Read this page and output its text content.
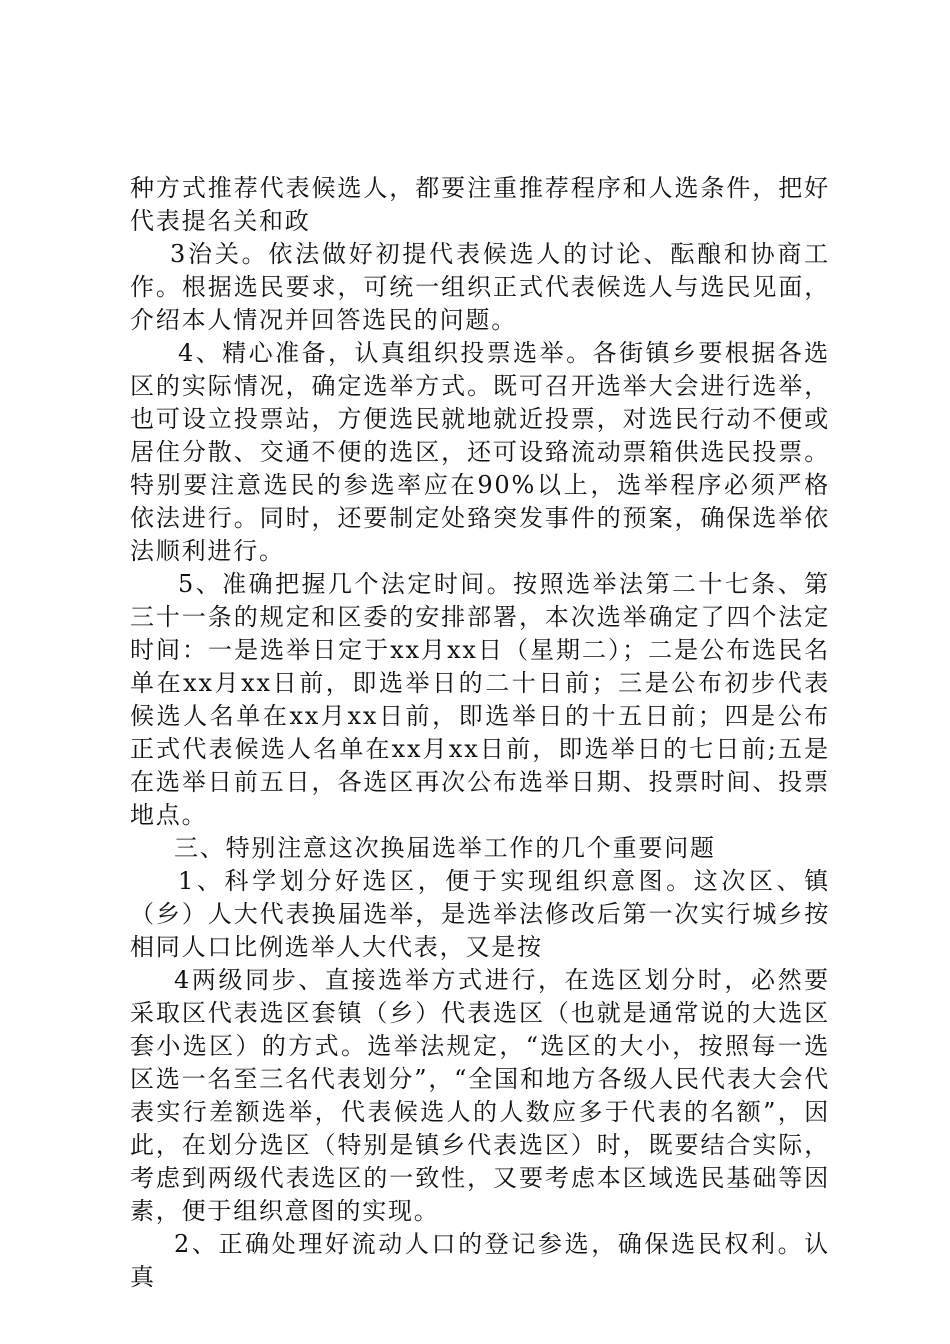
种方式推荐代表候选人，都要注重推荐程序和人选条件，把好代表提名关和政

3治关。依法做好初提代表候选人的讨论、酝酿和协商工作。根据选民要求，可统一组织正式代表候选人与选民见面，介绍本人情况并回答选民的问题。

4、精心准备，认真组织投票选举。各街镇乡要根据各选区的实际情况，确定选举方式。既可召开选举大会进行选举，也可设立投票站，方便选民就地就近投票，对选民行动不便或居住分散、交通不便的选区，还可设臵流动票箱供选民投票。特别要注意选民的参选率应在90%以上，选举程序必须严格依法进行。同时，还要制定处臵突发事件的预案，确保选举依法顺利进行。

5、准确把握几个法定时间。按照选举法第二十七条、第三十一条的规定和区委的安排部署，本次选举确定了四个法定时间：一是选举日定于xx月xx日（星期二）；二是公布选民名单在xx月xx日前，即选举日的二十日前；三是公布初步代表候选人名单在xx月xx日前，即选举日的十五日前；四是公布正式代表候选人名单在xx月xx日前，即选举日的七日前;五是在选举日前五日，各选区再次公布选举日期、投票时间、投票地点。

三、特别注意这次换届选举工作的几个重要问题

1、科学划分好选区，便于实现组织意图。这次区、镇（乡）人大代表换届选举，是选举法修改后第一次实行城乡按相同人口比例选举人大代表，又是按

4两级同步、直接选举方式进行，在选区划分时，必然要采取区代表选区套镇（乡）代表选区（也就是通常说的大选区套小选区）的方式。选举法规定，“选区的大小，按照每一选区选一名至三名代表划分”，“全国和地方各级人民代表大会代表实行差额选举，代表候选人的人数应多于代表的名额”，因此，在划分选区（特别是镇乡代表选区）时，既要结合实际，考虑到两级代表选区的一致性，又要考虑本区域选民基础等因素，便于组织意图的实现。

2、正确处理好流动人口的登记参选，确保选民权利。认真
